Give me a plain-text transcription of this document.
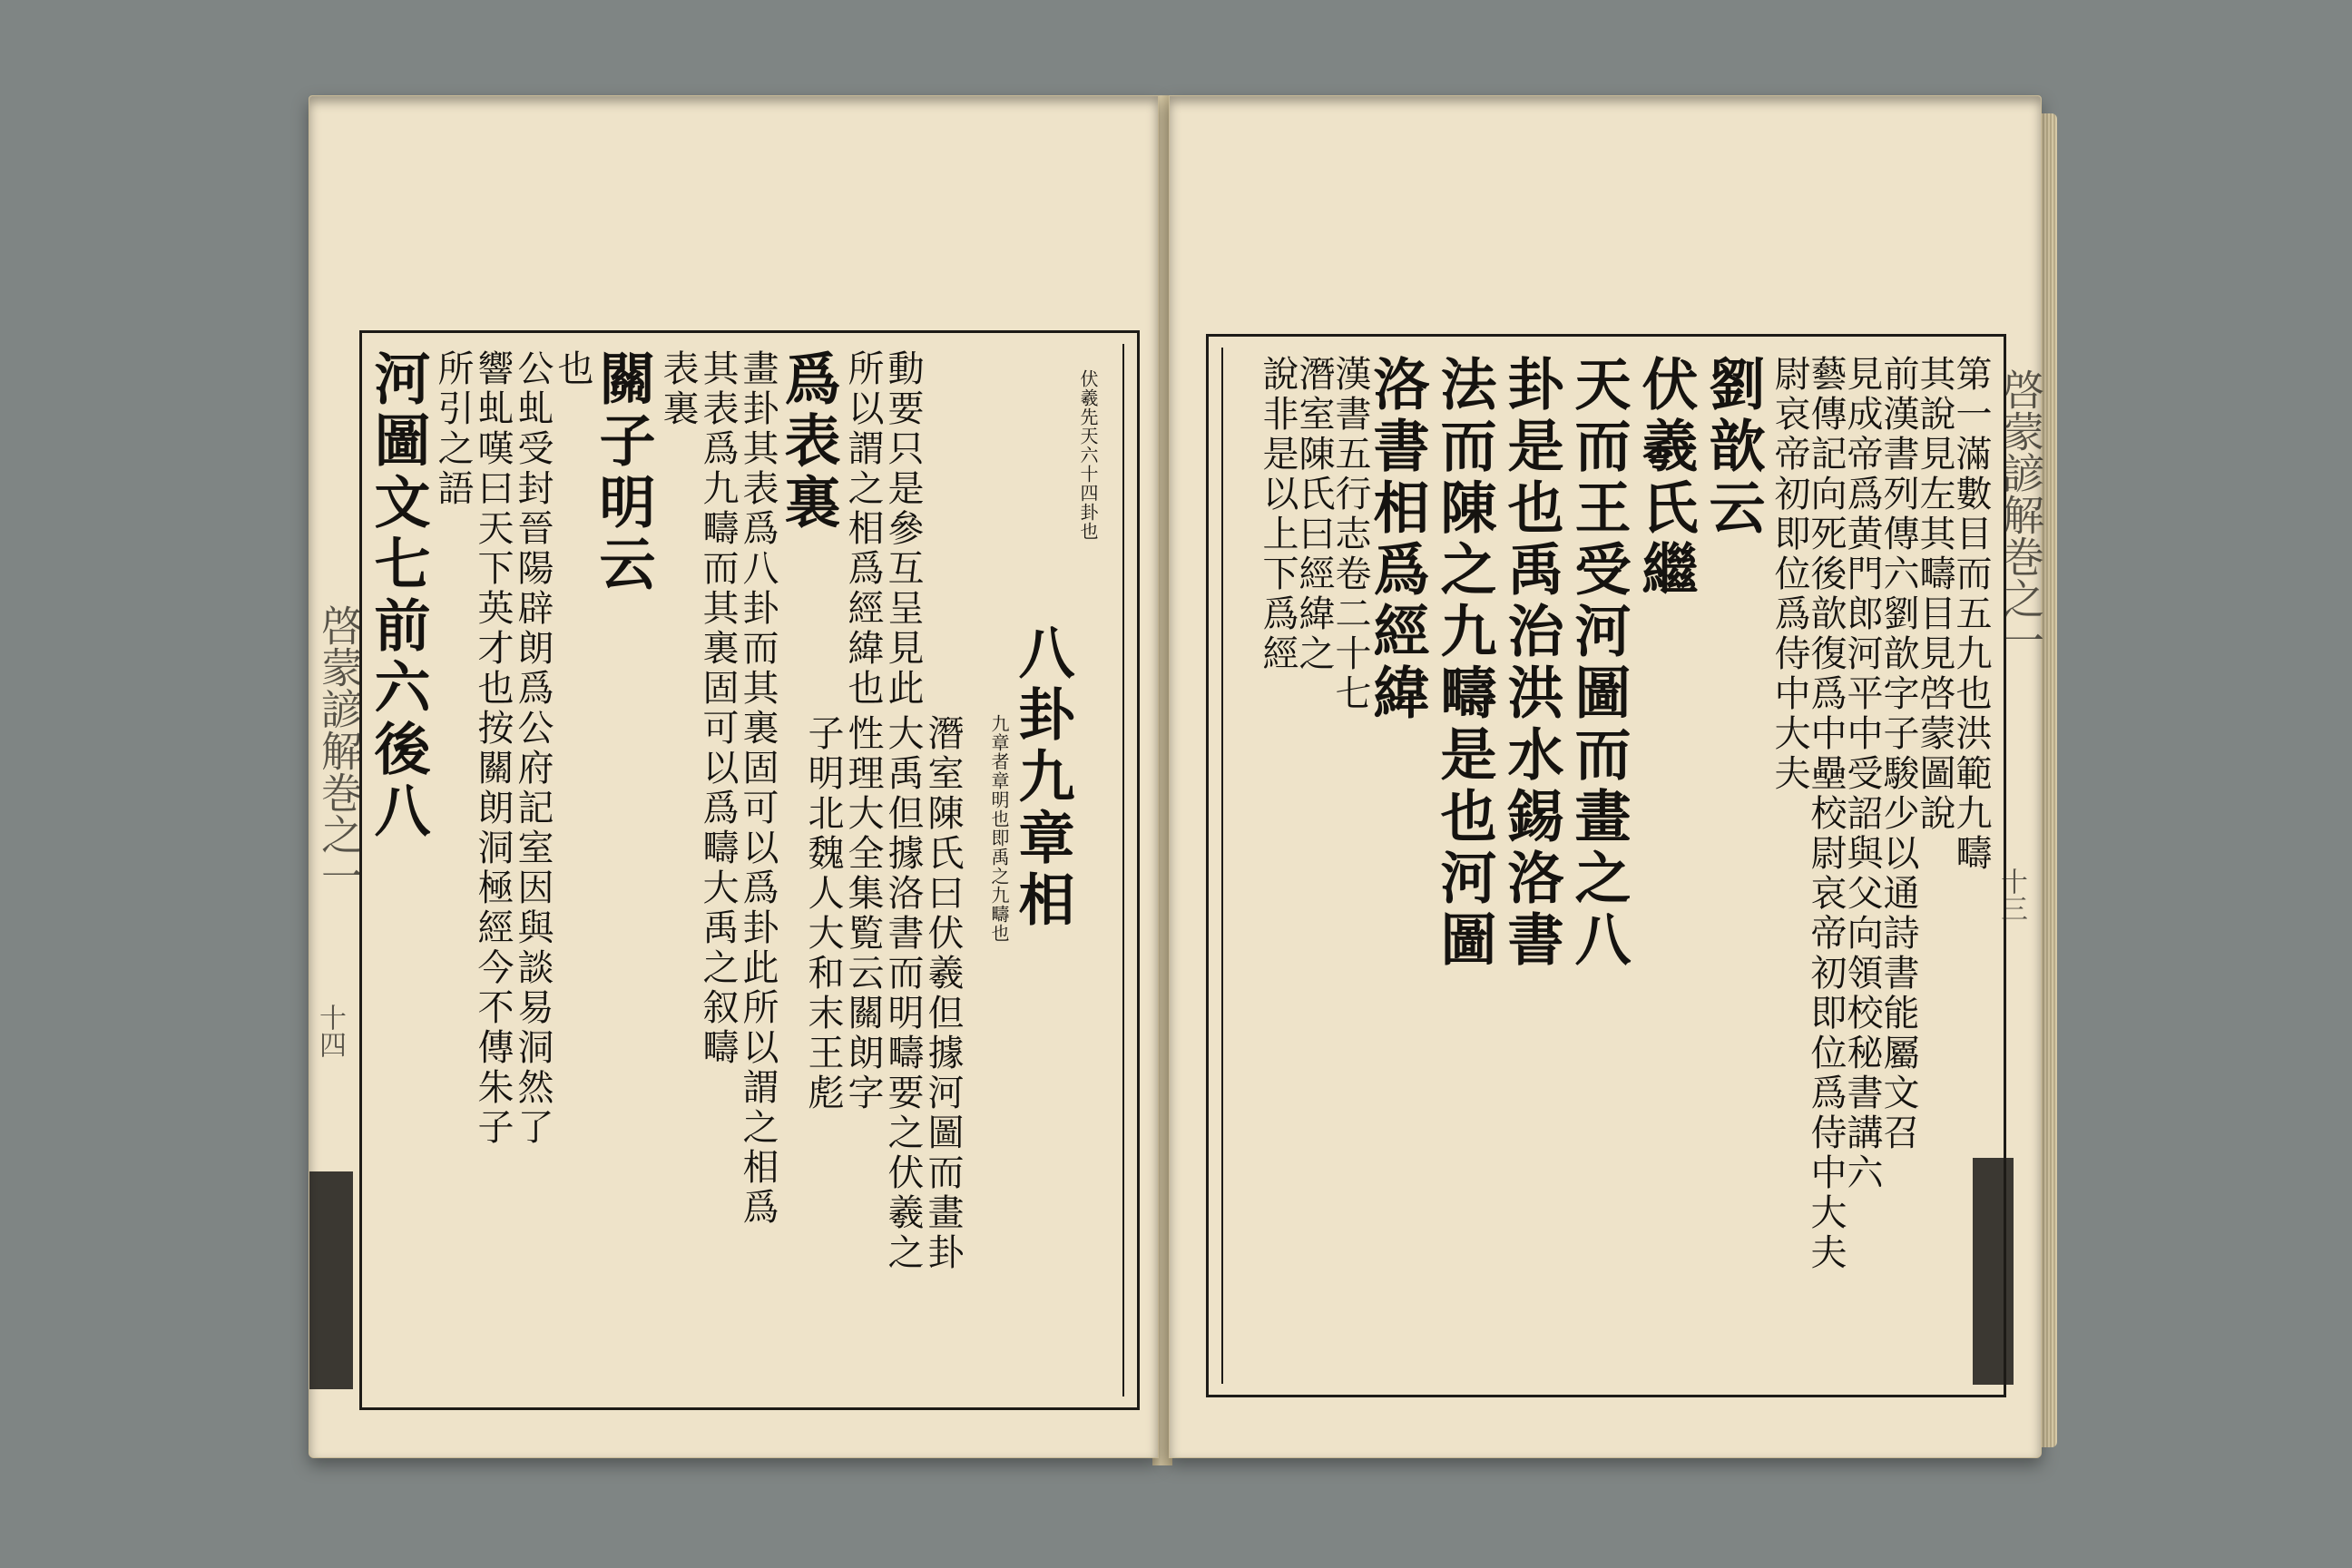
啓蒙諺解巻之一
十四
伏羲先天六十四卦也
八卦九章相
九章者章明也即禹之九疇也
潛室陳氏曰伏羲但據河圖而畫卦
大禹但據洛書而明疇要之伏羲之
性理大全集覧云關朗字
子明北魏人大和末王彪
動要只是參互呈見此
所以謂之相爲經緯也
爲表裏
畫卦其表爲八卦而其裏固可以爲卦此所以謂之相爲
其表爲九疇而其裏固可以爲疇大禹之叙疇
表裏
關子明云
也
公虬受封晉陽辟朗爲公府記室因與談易洞然了
響虬嘆曰天下英才也按關朗洞極經今不傳朱子
所引之語
河圖文七前六後八	啓蒙諺解巻之一
十三
第一滿數目而五九也洪範九疇
其說見左其疇目見啓蒙圖說
前漢書列傳六劉歆字子駿少以通詩書能屬文召
見成帝爲黄門郎河平中受詔與父向領校秘書講六
藝傳記向死後歆復爲中壘校尉哀帝初即位爲侍中大夫
尉哀帝初即位爲侍中大夫
劉歆云
伏羲氏繼
天而王受河圖而畫之八
卦是也禹治洪水錫洛書
法而陳之九疇是也河圖
洛書相爲經緯
漢書五行志卷二十七
潛室陳氏曰經緯之
說非是以上下爲經
